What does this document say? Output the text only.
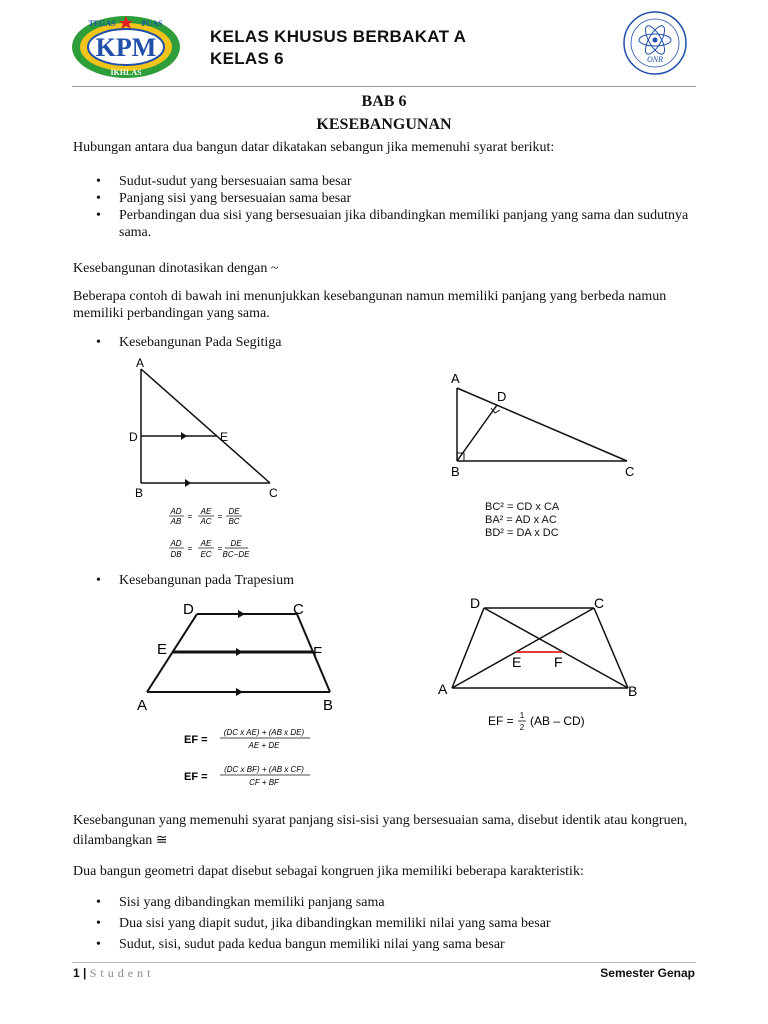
KPM
TEGAS	PUAS
IKHLAS
KELAS KHUSUS BERBAKAT A
KELAS 6	ONR
BAB 6
KESEBANGUNAN
Hubungan antara dua bangun datar dikatakan sebangun jika memenuhi syarat berikut:
• Sudut-sudut yang bersesuaian sama besar
• Panjang sisi yang bersesuaian sama besar
• Perbandingan dua sisi yang bersesuaian jika dibandingkan memiliki panjang yang sama dan sudutnya sama.
Kesebangunan dinotasikan dengan ~
Beberapa contoh di bawah ini menunjukkan kesebangunan namun memiliki panjang yang berbeda namun memiliki perbandingan yang sama.
• Kesebangunan Pada Segitiga
A
D	E
B	C
AD
AB
=
AE
AC
=
DE
BC
AD
DB
=
AE
EC
=
DE
BC−DE
A
D
B	C
BC² = CD x CA
BA² = AD x AC
BD² = DA x DC
• Kesebangunan pada Trapesium
D	C
E	F
A	B
EF =
(DC x AE) + (AB x DE)
AE + DE
EF =
(DC x BF) + (AB x CF)
CF + BF
D	C
E F
A	B
EF = 1
2 (AB – CD)
Kesebangunan yang memenuhi syarat panjang sisi-sisi yang bersesuaian sama, disebut identik atau kongruen, dilambangkan ≅
Dua bangun geometri dapat disebut sebagai kongruen jika memiliki beberapa karakteristik:
• Sisi yang dibandingkan memiliki panjang sama
• Dua sisi yang diapit sudut, jika dibandingkan memiliki nilai yang sama besar
• Sudut, sisi, sudut pada kedua bangun memiliki nilai yang sama besar
1 | Student	Semester Genap
